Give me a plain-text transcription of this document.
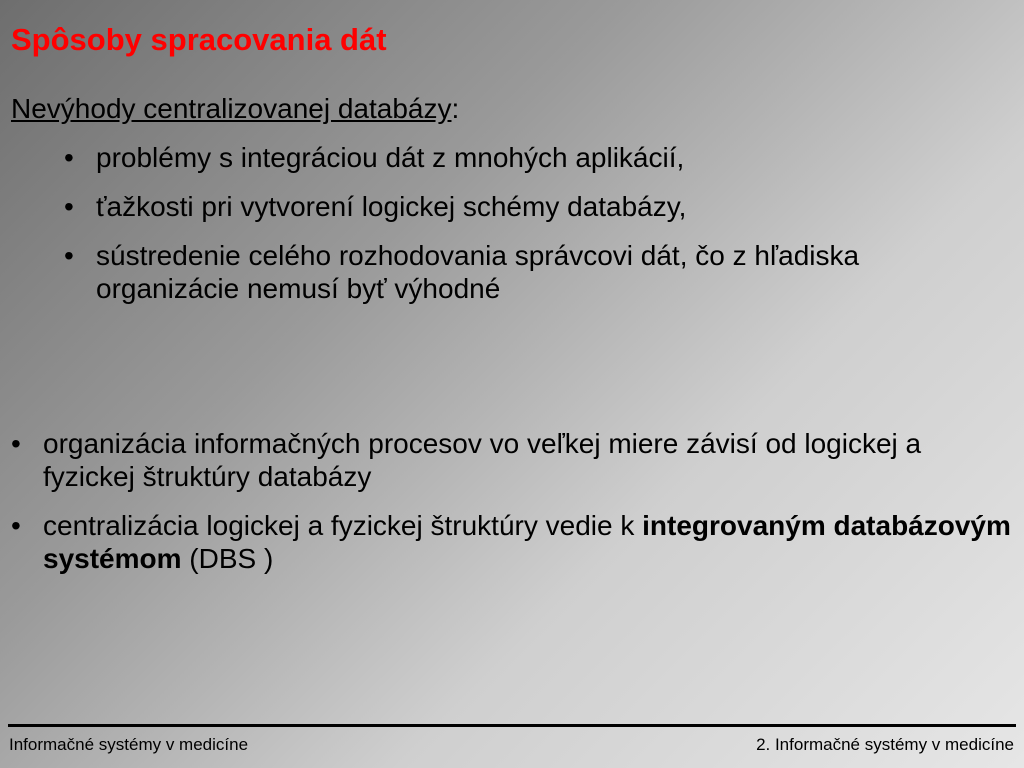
Spôsoby spracovania dát
Nevýhody centralizovanej databázy:
• problémy s integráciou dát z mnohých aplikácií,
• ťažkosti pri vytvorení logickej schémy databázy,
• sústredenie celého rozhodovania správcovi dát, čo z hľadiska organizácie nemusí byť výhodné
• organizácia informačných procesov vo veľkej miere závisí od logickej a fyzickej štruktúry databázy
• centralizácia logickej a fyzickej štruktúry vedie k integrovaným databázovým systémom (DBS )
Informačné systémy v medicíne	2. Informačné systémy v medicíne
